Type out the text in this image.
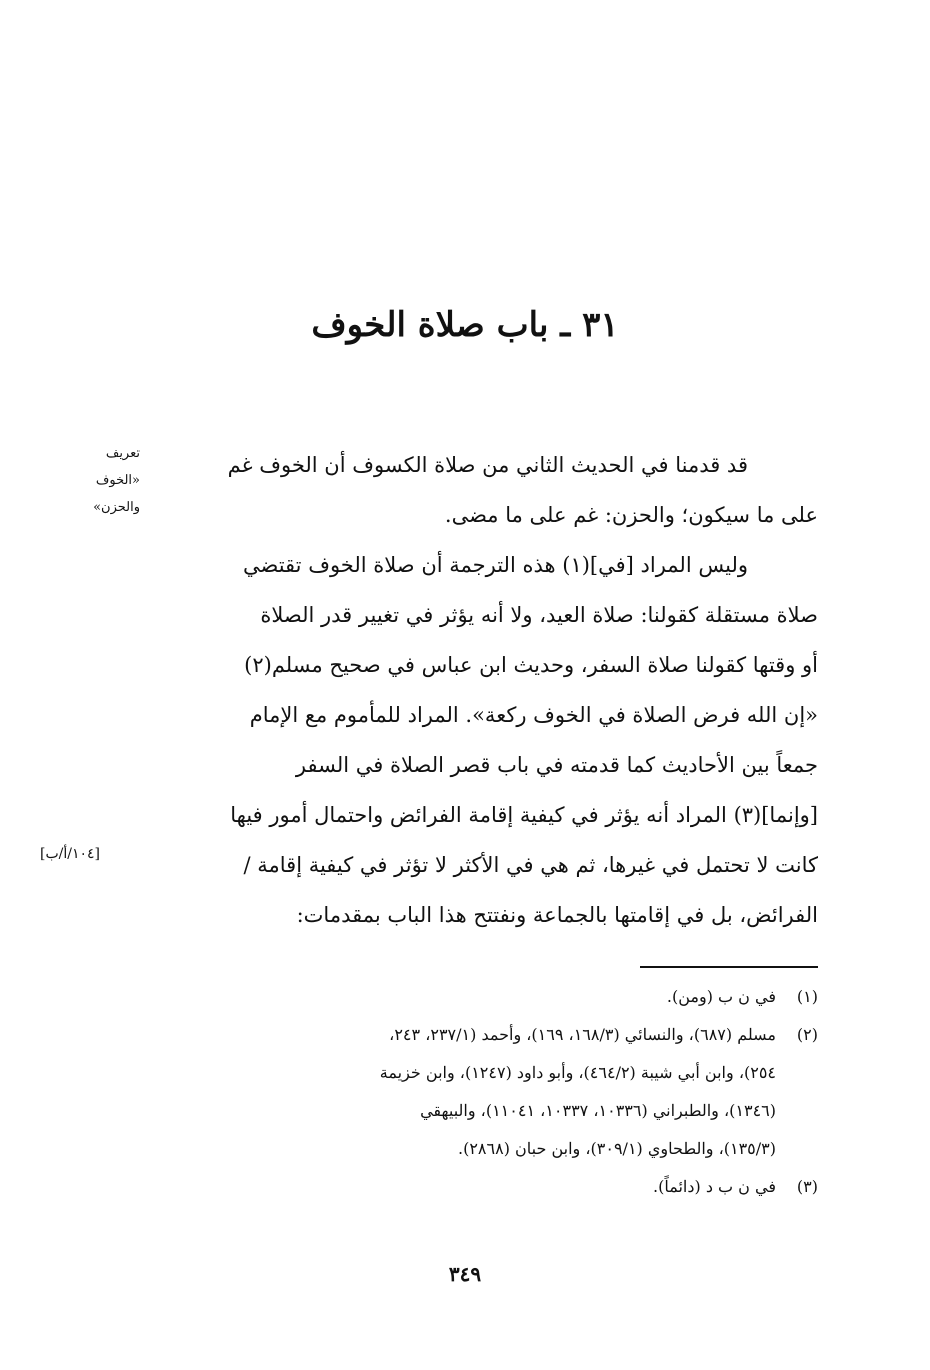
٣١ ـ باب صلاة الخوف
تعريف
«الخوف
والحزن»
[١٠٤/أ/ب]
قد قدمنا في الحديث الثاني من صلاة الكسوف أن الخوف غم
على ما سيكون؛ والحزن: غم على ما مضى.
وليس المراد [في](١) هذه الترجمة أن صلاة الخوف تقتضي
صلاة مستقلة كقولنا: صلاة العيد، ولا أنه يؤثر في تغيير قدر الصلاة
أو وقتها كقولنا صلاة السفر، وحديث ابن عباس في صحيح مسلم(٢)
«إن الله فرض الصلاة في الخوف ركعة». المراد للمأموم مع الإمام
جمعاً بين الأحاديث كما قدمته في باب قصر الصلاة في السفر
[وإنما](٣) المراد أنه يؤثر في كيفية إقامة الفرائض واحتمال أمور فيها
كانت لا تحتمل في غيرها، ثم هي في الأكثر لا تؤثر في كيفية إقامة /
الفرائض، بل في إقامتها بالجماعة ونفتتح هذا الباب بمقدمات:
(١)في ن ب (ومن).
(٢)مسلم (٦٨٧)، والنسائي (١٦٨/٣، ١٦٩)، وأحمد (٢٣٧/١، ٢٤٣،
٢٥٤)، وابن أبي شيبة (٤٦٤/٢)، وأبو داود (١٢٤٧)، وابن خزيمة
(١٣٤٦)، والطبراني (١٠٣٣٦، ١٠٣٣٧، ١١٠٤١)، والبيهقي
(١٣٥/٣)، والطحاوي (٣٠٩/١)، وابن حبان (٢٨٦٨).
(٣)في ن ب د (دائماً).
٣٤٩
